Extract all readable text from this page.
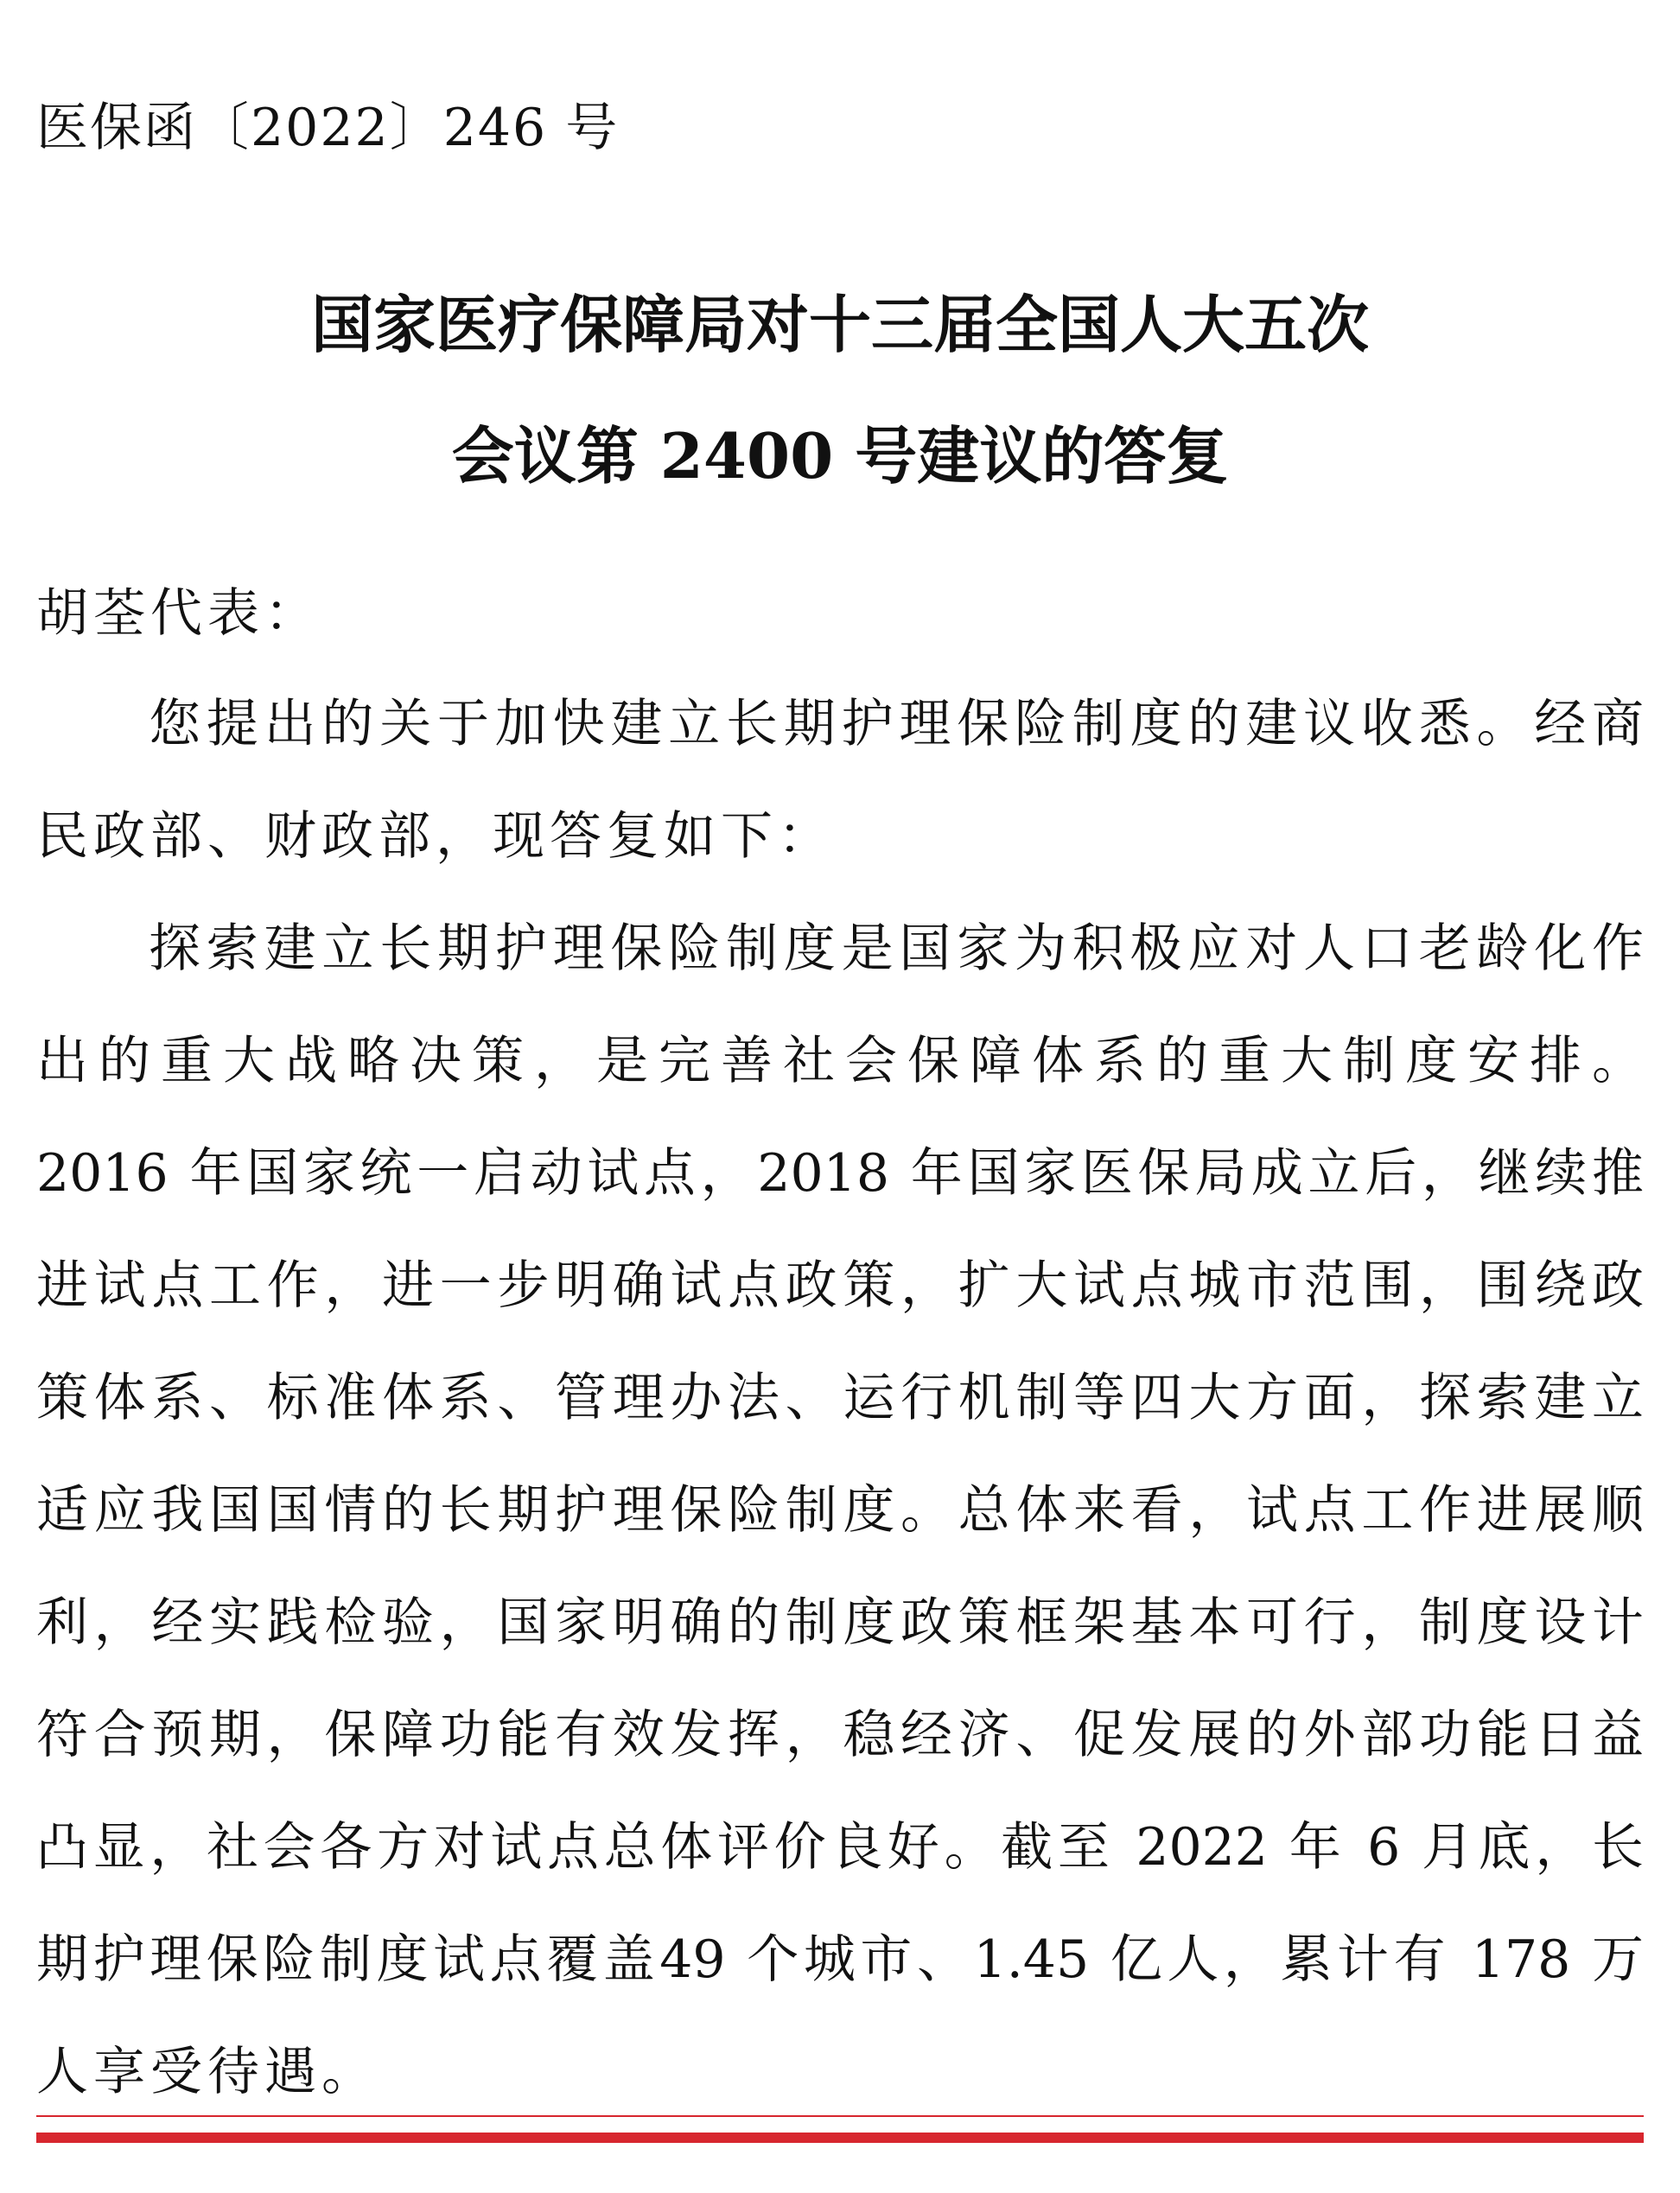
医保函〔2022〕246 号
国家医疗保障局对十三届全国人大五次
会议第 2400 号建议的答复
胡荃代表：
您提出的关于加快建立长期护理保险制度的建议收悉。经商
民政部、财政部，现答复如下：
探索建立长期护理保险制度是国家为积极应对人口老龄化作
出的重大战略决策，是完善社会保障体系的重大制度安排。
2016 年国家统一启动试点，2018 年国家医保局成立后，继续推
进试点工作，进一步明确试点政策，扩大试点城市范围，围绕政
策体系、标准体系、管理办法、运行机制等四大方面，探索建立
适应我国国情的长期护理保险制度。总体来看，试点工作进展顺
利，经实践检验，国家明确的制度政策框架基本可行，制度设计
符合预期，保障功能有效发挥，稳经济、促发展的外部功能日益
凸显，社会各方对试点总体评价良好。截至 2022 年 6 月底，长
期护理保险制度试点覆盖49 个城市、1.45 亿人，累计有 178 万
人享受待遇。
